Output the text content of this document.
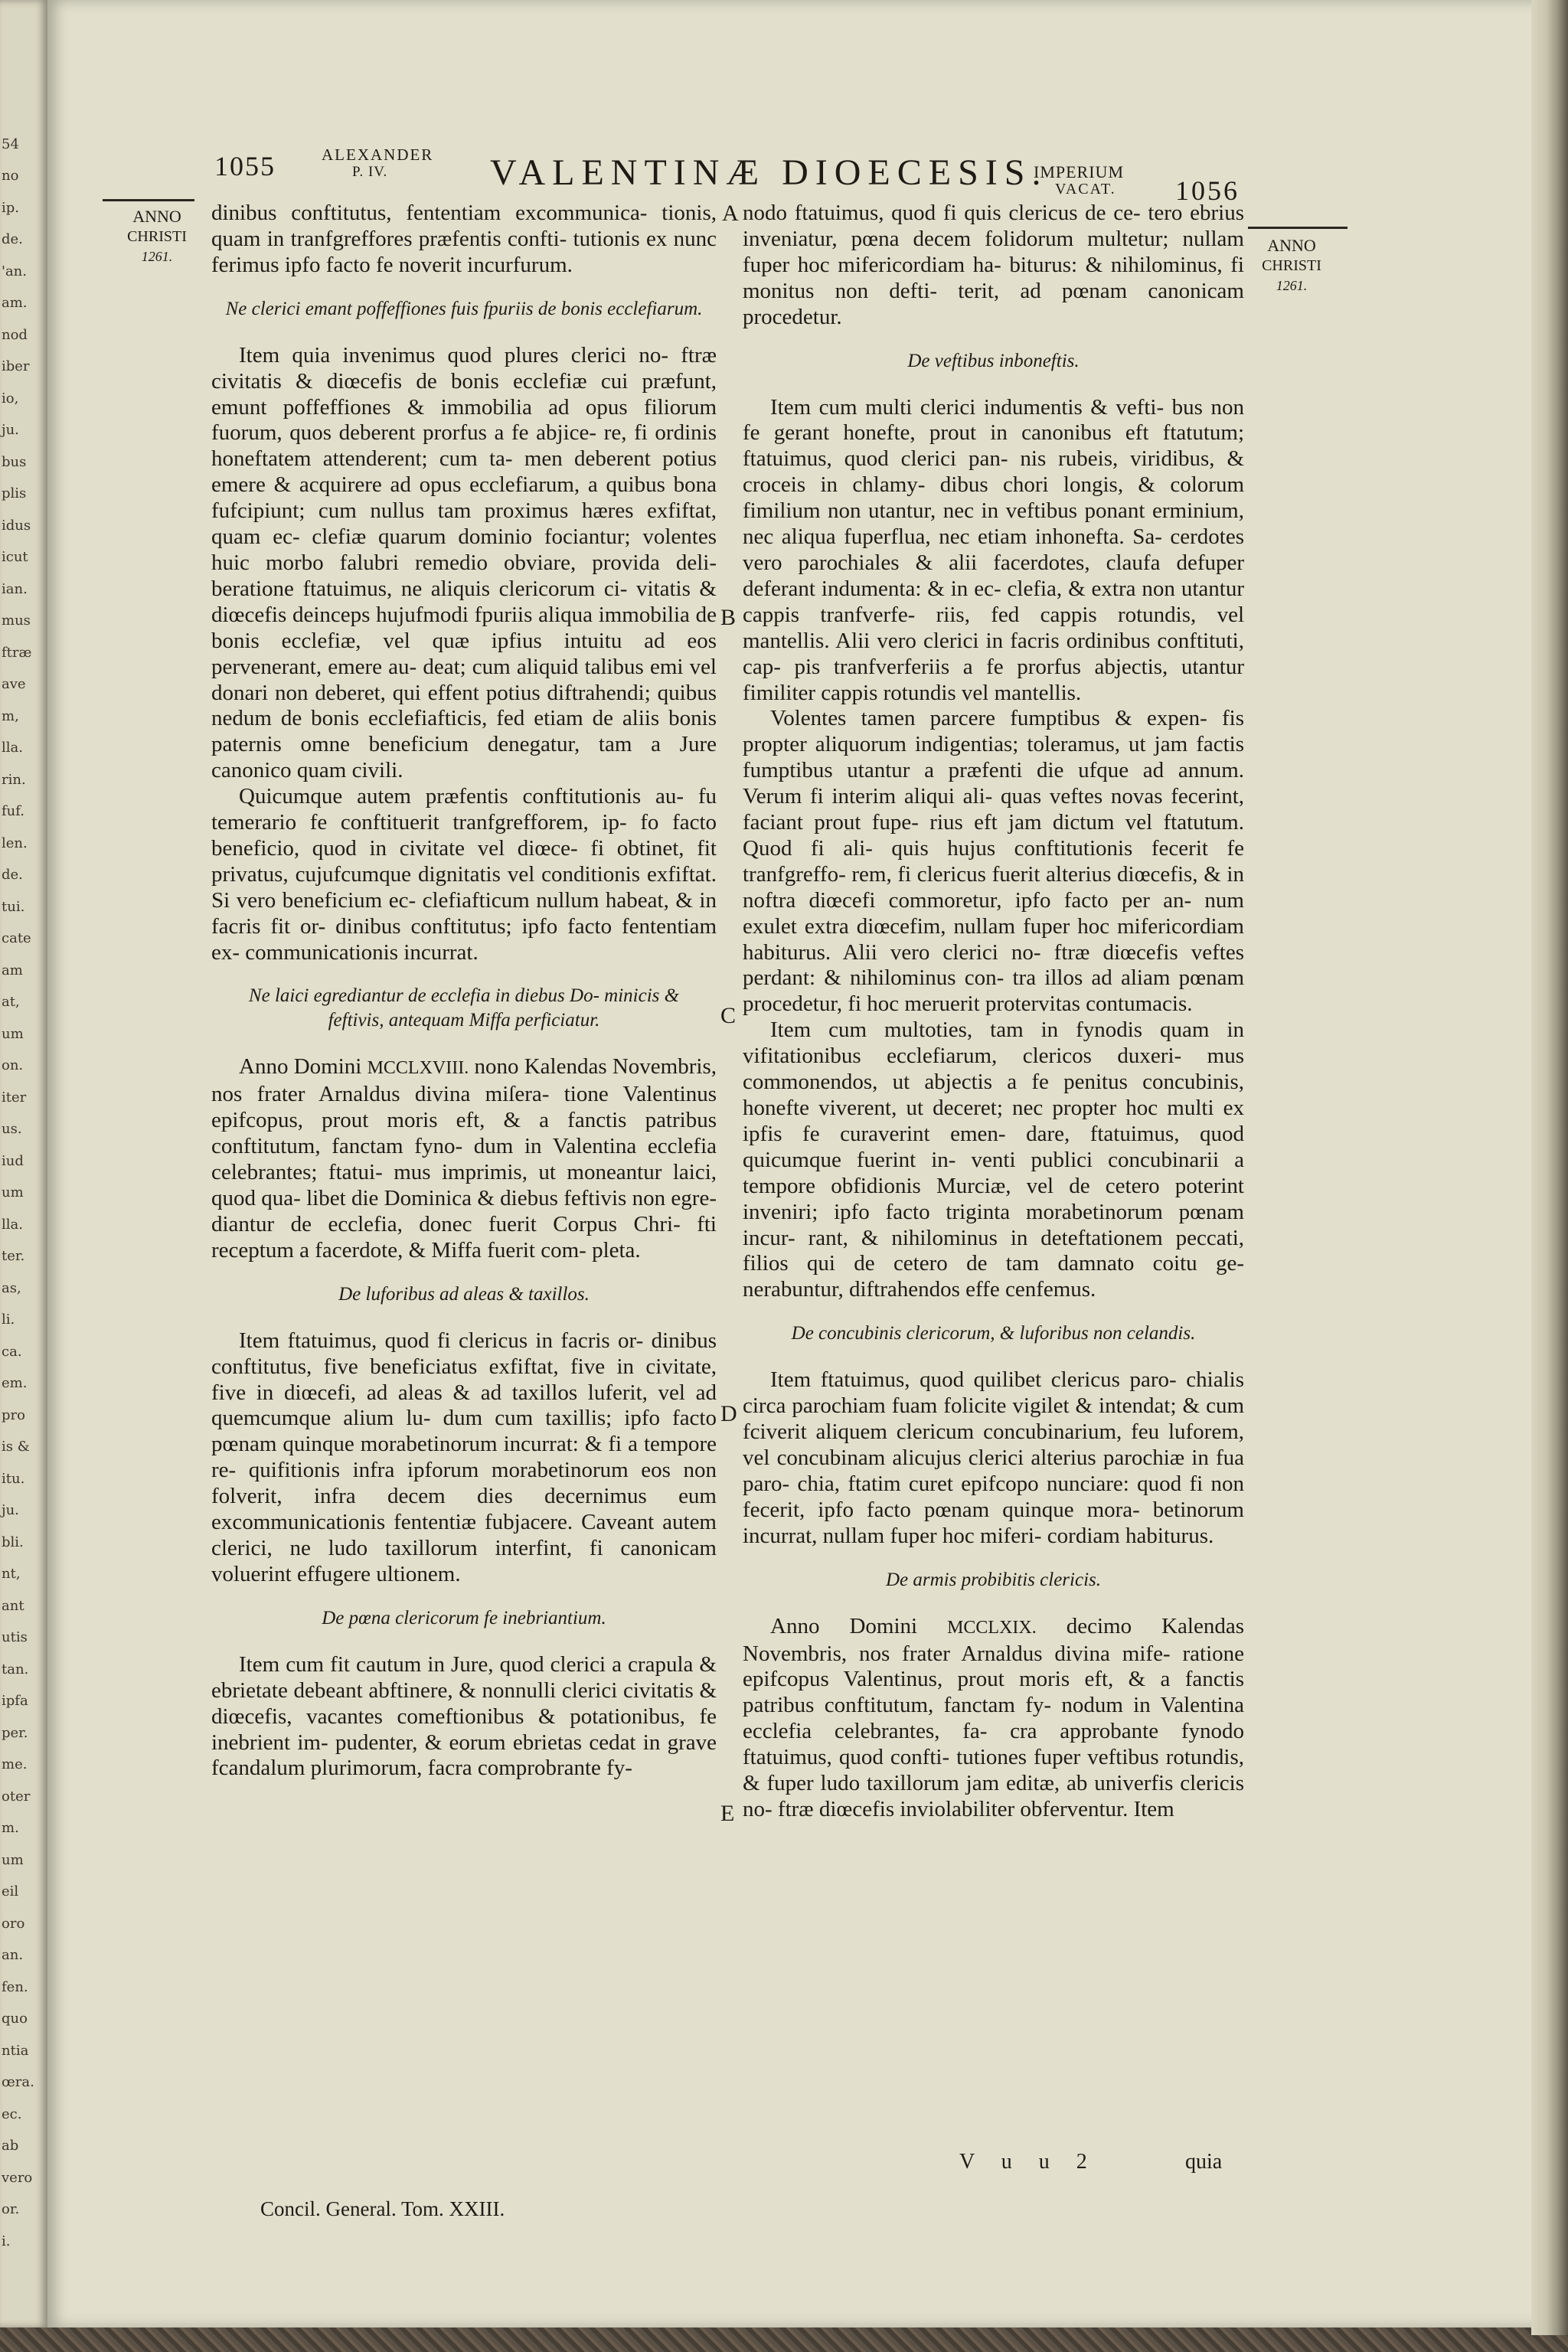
54
no
ip.
de.
'an.
am.
nod
iber
io,
ju.
bus
plis
idus
icut
ian.
mus
ftræ
ave
m,
lla.
rin.
fuf.
len.
de.
tui.
cate
am
at,
um
on.
iter
us.
iud
um
lla.
ter.
as,
li.
ca.
em.
pro
is &
itu.
ju.
bli.
nt,
ant
utis
tan.
ipfa
per.
me.
oter
m.
um
eil
oro
an.
fen.
quo
ntia
œra.
ec.
ab
vero
or.
i.
1055	ALEXANDER
P. IV.	VALENTINÆ DIOECESIS.
IMPERIUM
VACAT. 1056
ANNO
CHRISTI
1261.
ANNO
CHRISTI
1261.
A
B
C
D
E

dinibus conftitutus, fententiam excommunica- tionis, quam in tranfgreffores præfentis confti- tutionis ex nunc ferimus ipfo facto fe noverit incurfurum.

Ne clerici emant poffeffiones fuis fpuriis de bonis ecclefiarum.

Item quia invenimus quod plures clerici no- ftræ civitatis & diœcefis de bonis ecclefiæ cui præfunt, emunt poffeffiones & immobilia ad opus filiorum fuorum, quos deberent prorfus a fe abjice- re, fi ordinis honeftatem attenderent; cum ta- men deberent potius emere & acquirere ad opus ecclefiarum, a quibus bona fufcipiunt; cum nullus tam proximus hæres exfiftat, quam ec- clefiæ quarum dominio fociantur; volentes huic morbo falubri remedio obviare, provida deli- beratione ftatuimus, ne aliquis clericorum ci- vitatis & diœcefis deinceps hujufmodi fpuriis aliqua immobilia de bonis ecclefiæ, vel quæ ipfius intuitu ad eos pervenerant, emere au- deat; cum aliquid talibus emi vel donari non deberet, qui effent potius diftrahendi; quibus nedum de bonis ecclefiafticis, fed etiam de aliis bonis paternis omne beneficium denegatur, tam a Jure canonico quam civili.

Quicumque autem præfentis conftitutionis au- fu temerario fe conftituerit tranfgrefforem, ip- fo facto beneficio, quod in civitate vel diœce- fi obtinet, fit privatus, cujufcumque dignitatis vel conditionis exfiftat. Si vero beneficium ec- clefiafticum nullum habeat, & in facris fit or- dinibus conftitutus; ipfo facto fententiam ex- communicationis incurrat.

Ne laici egrediantur de ecclefia in diebus Do- minicis & feftivis, antequam Miffa perficiatur.

Anno Domini MCCLXVIII. nono Kalendas Novembris, nos frater Arnaldus divina miſera- tione Valentinus epifcopus, prout moris eft, & a fanctis patribus conftitutum, fanctam fyno- dum in Valentina ecclefia celebrantes; ftatui- mus imprimis, ut moneantur laici, quod qua- libet die Dominica & diebus feftivis non egre- diantur de ecclefia, donec fuerit Corpus Chri- fti receptum a facerdote, & Miffa fuerit com- pleta.

De luforibus ad aleas & taxillos.

Item ftatuimus, quod fi clericus in facris or- dinibus conftitutus, five beneficiatus exfiftat, five in civitate, five in diœcefi, ad aleas & ad taxillos luferit, vel ad quemcumque alium lu- dum cum taxillis; ipfo facto pœnam quinque morabetinorum incurrat: & fi a tempore re- quifitionis infra ipforum morabetinorum eos non folverit, infra decem dies decernimus eum excommunicationis fententiæ fubjacere. Caveant autem clerici, ne ludo taxillorum interfint, fi canonicam voluerint effugere ultionem.

De pœna clericorum fe inebriantium.

Item cum fit cautum in Jure, quod clerici a crapula & ebrietate debeant abftinere, & nonnulli clerici civitatis & diœcefis, vacantes comeftionibus & potationibus, fe inebrient im- pudenter, & eorum ebrietas cedat in grave fcandalum plurimorum, facra comprobrante fy-

nodo ftatuimus, quod fi quis clericus de ce- tero ebrius inveniatur, pœna decem folidorum multetur; nullam fuper hoc mifericordiam ha- biturus: & nihilominus, fi monitus non defti- terit, ad pœnam canonicam procedetur.

De veftibus inboneftis.

Item cum multi clerici indumentis & vefti- bus non fe gerant honefte, prout in canonibus eft ftatutum; ftatuimus, quod clerici pan- nis rubeis, viridibus, & croceis in chlamy- dibus chori longis, & colorum fimilium non utantur, nec in veftibus ponant erminium, nec aliqua fuperflua, nec etiam inhonefta. Sa- cerdotes vero parochiales & alii facerdotes, claufa defuper deferant indumenta: & in ec- clefia, & extra non utantur cappis tranfverfe- riis, fed cappis rotundis, vel mantellis. Alii vero clerici in facris ordinibus conftituti, cap- pis tranfverferiis a fe prorfus abjectis, utantur fimiliter cappis rotundis vel mantellis.

Volentes tamen parcere fumptibus & expen- fis propter aliquorum indigentias; toleramus, ut jam factis fumptibus utantur a præfenti die ufque ad annum. Verum fi interim aliqui ali- quas veftes novas fecerint, faciant prout fupe- rius eft jam dictum vel ftatutum. Quod fi ali- quis hujus conftitutionis fecerit fe tranfgreffo- rem, fi clericus fuerit alterius diœcefis, & in noftra diœcefi commoretur, ipfo facto per an- num exulet extra diœcefim, nullam fuper hoc mifericordiam habiturus. Alii vero clerici no- ftræ diœcefis veftes perdant: & nihilominus con- tra illos ad aliam pœnam procedetur, fi hoc meruerit protervitas contumacis.

Item cum multoties, tam in fynodis quam in vifitationibus ecclefiarum, clericos duxeri- mus commonendos, ut abjectis a fe penitus concubinis, honefte viverent, ut deceret; nec propter hoc multi ex ipfis fe curaverint emen- dare, ftatuimus, quod quicumque fuerint in- venti publici concubinarii a tempore obfidionis Murciæ, vel de cetero poterint inveniri; ipfo facto triginta morabetinorum pœnam incur- rant, & nihilominus in deteftationem peccati, filios qui de cetero de tam damnato coitu ge- nerabuntur, diftrahendos effe cenfemus.

De concubinis clericorum, & luforibus non celandis.

Item ftatuimus, quod quilibet clericus paro- chialis circa parochiam fuam folicite vigilet & intendat; & cum fciverit aliquem clericum concubinarium, feu luforem, vel concubinam alicujus clerici alterius parochiæ in fua paro- chia, ftatim curet epifcopo nunciare: quod fi non fecerit, ipfo facto pœnam quinque mora- betinorum incurrat, nullam fuper hoc miferi- cordiam habiturus.

De armis probibitis clericis.

Anno Domini MCCLXIX. decimo Kalendas Novembris, nos frater Arnaldus divina mife- ratione epifcopus Valentinus, prout moris eft, & a fanctis patribus conftitutum, fanctam fy- nodum in Valentina ecclefia celebrantes, fa- cra approbante fynodo ftatuimus, quod confti- tutiones fuper veftibus rotundis, & fuper ludo taxillorum jam editæ, ab univerfis clericis no- ftræ diœcefis inviolabiliter obferventur. Item

Concil. General. Tom. XXIII.
V u u 2	quia
